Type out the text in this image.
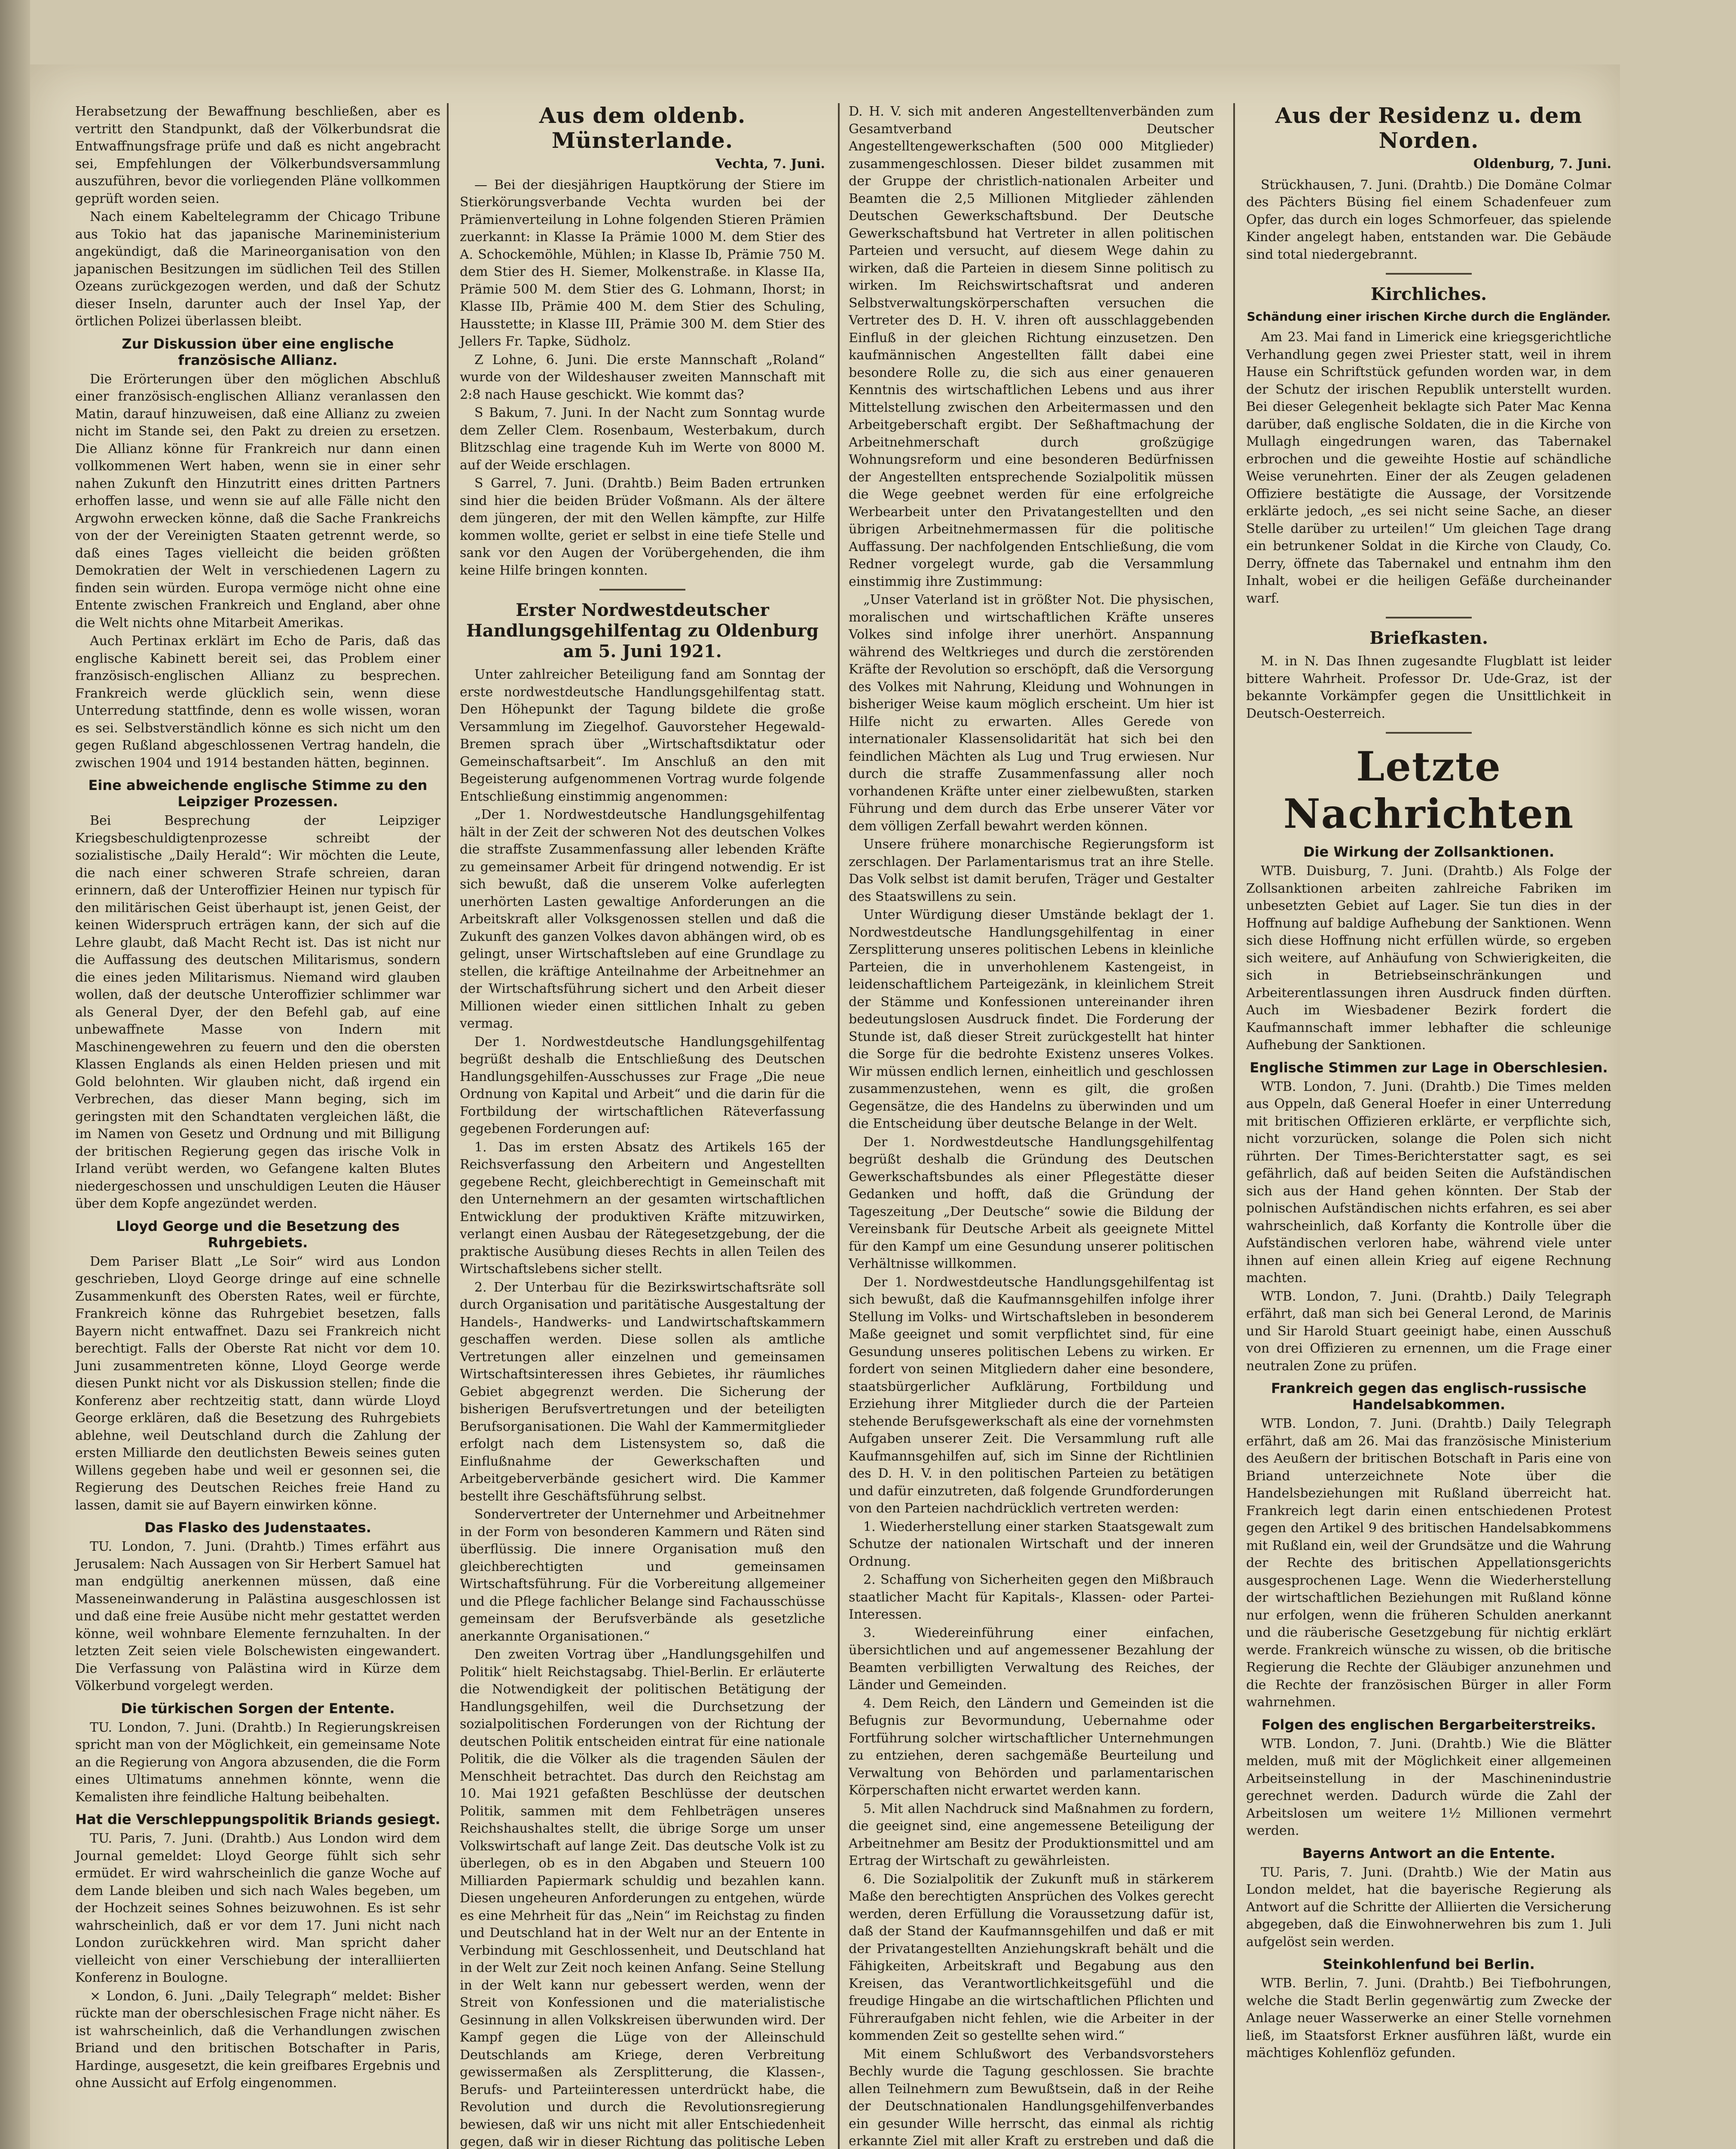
Herabsetzung der Bewaffnung beschließen, aber es vertritt den Standpunkt, daß der Völkerbundsrat die Entwaffnungsfrage prüfe und daß es nicht angebracht sei, Empfehlungen der Völkerbundsversammlung auszuführen, bevor die vorliegenden Pläne vollkommen geprüft worden seien.

Nach einem Kabeltelegramm der Chicago Tribune aus Tokio hat das japanische Marineministerium angekündigt, daß die Marineorganisation von den japanischen Besitzungen im südlichen Teil des Stillen Ozeans zurückgezogen werden, und daß der Schutz dieser Inseln, darunter auch der Insel Yap, der örtlichen Polizei überlassen bleibt.

Zur Diskussion über eine englische französische Allianz.

Die Erörterungen über den möglichen Abschluß einer französisch-englischen Allianz veranlassen den Matin, darauf hinzuweisen, daß eine Allianz zu zweien nicht im Stande sei, den Pakt zu dreien zu ersetzen. Die Allianz könne für Frankreich nur dann einen vollkommenen Wert haben, wenn sie in einer sehr nahen Zukunft den Hinzutritt eines dritten Partners erhoffen lasse, und wenn sie auf alle Fälle nicht den Argwohn erwecken könne, daß die Sache Frankreichs von der der Vereinigten Staaten getrennt werde, so daß eines Tages vielleicht die beiden größten Demokratien der Welt in verschiedenen Lagern zu finden sein würden. Europa vermöge nicht ohne eine Entente zwischen Frankreich und England, aber ohne die Welt nichts ohne Mitarbeit Amerikas.

Auch Pertinax erklärt im Echo de Paris, daß das englische Kabinett bereit sei, das Problem einer französisch-englischen Allianz zu besprechen. Frankreich werde glücklich sein, wenn diese Unterredung stattfinde, denn es wolle wissen, woran es sei. Selbstverständlich könne es sich nicht um den gegen Rußland abgeschlossenen Vertrag handeln, die zwischen 1904 und 1914 bestanden hätten, beginnen.

Eine abweichende englische Stimme zu den Leipziger Prozessen.

Bei Besprechung der Leipziger Kriegsbeschuldigtenprozesse schreibt der sozialistische „Daily Herald“: Wir möchten die Leute, die nach einer schweren Strafe schreien, daran erinnern, daß der Unteroffizier Heinen nur typisch für den militärischen Geist überhaupt ist, jenen Geist, der keinen Widerspruch erträgen kann, der sich auf die Lehre glaubt, daß Macht Recht ist. Das ist nicht nur die Auffassung des deutschen Militarismus, sondern die eines jeden Militarismus. Niemand wird glauben wollen, daß der deutsche Unteroffizier schlimmer war als General Dyer, der den Befehl gab, auf eine unbewaffnete Masse von Indern mit Maschinengewehren zu feuern und den die obersten Klassen Englands als einen Helden priesen und mit Gold belohnten. Wir glauben nicht, daß irgend ein Verbrechen, das dieser Mann beging, sich im geringsten mit den Schandtaten vergleichen läßt, die im Namen von Gesetz und Ordnung und mit Billigung der britischen Regierung gegen das irische Volk in Irland verübt werden, wo Gefangene kalten Blutes niedergeschossen und unschuldigen Leuten die Häuser über dem Kopfe angezündet werden.

Lloyd George und die Besetzung des Ruhrgebiets.

Dem Pariser Blatt „Le Soir“ wird aus London geschrieben, Lloyd George dringe auf eine schnelle Zusammenkunft des Obersten Rates, weil er fürchte, Frankreich könne das Ruhrgebiet besetzen, falls Bayern nicht entwaffnet. Dazu sei Frankreich nicht berechtigt. Falls der Oberste Rat nicht vor dem 10. Juni zusammentreten könne, Lloyd George werde diesen Punkt nicht vor als Diskussion stellen; finde die Konferenz aber rechtzeitig statt, dann würde Lloyd George erklären, daß die Besetzung des Ruhrgebiets ablehne, weil Deutschland durch die Zahlung der ersten Milliarde den deutlichsten Beweis seines guten Willens gegeben habe und weil er gesonnen sei, die Regierung des Deutschen Reiches freie Hand zu lassen, damit sie auf Bayern einwirken könne.

Das Flasko des Judenstaates.

TU. London, 7. Juni. (Drahtb.) Times erfährt aus Jerusalem: Nach Aussagen von Sir Herbert Samuel hat man endgültig anerkennen müssen, daß eine Masseneinwanderung in Palästina ausgeschlossen ist und daß eine freie Ausübe nicht mehr gestattet werden könne, weil wohnbare Elemente fernzuhalten. In der letzten Zeit seien viele Bolschewisten eingewandert. Die Verfassung von Palästina wird in Kürze dem Völkerbund vorgelegt werden.

Die türkischen Sorgen der Entente.

TU. London, 7. Juni. (Drahtb.) In Regierungskreisen spricht man von der Möglichkeit, ein gemeinsame Note an die Regierung von Angora abzusenden, die die Form eines Ultimatums annehmen könnte, wenn die Kemalisten ihre feindliche Haltung beibehalten.

Hat die Verschleppungspolitik Briands gesiegt.

TU. Paris, 7. Juni. (Drahtb.) Aus London wird dem Journal gemeldet: Lloyd George fühlt sich sehr ermüdet. Er wird wahrscheinlich die ganze Woche auf dem Lande bleiben und sich nach Wales begeben, um der Hochzeit seines Sohnes beizuwohnen. Es ist sehr wahrscheinlich, daß er vor dem 17. Juni nicht nach London zurückkehren wird. Man spricht daher vielleicht von einer Verschiebung der interalliierten Konferenz in Boulogne.

× London, 6. Juni. „Daily Telegraph“ meldet: Bisher rückte man der oberschlesischen Frage nicht näher. Es ist wahrscheinlich, daß die Verhandlungen zwischen Briand und den britischen Botschafter in Paris, Hardinge, ausgesetzt, die kein greifbares Ergebnis und ohne Aussicht auf Erfolg eingenommen.

Aus dem oldenb. Münsterlande.
Vechta, 7. Juni.

— Bei der diesjährigen Hauptkörung der Stiere im Stierkörungsverbande Vechta wurden bei der Prämienverteilung in Lohne folgenden Stieren Prämien zuerkannt: in Klasse Ia Prämie 1000 M. dem Stier des A. Schockemöhle, Mühlen; in Klasse Ib, Prämie 750 M. dem Stier des H. Siemer, Molkenstraße. in Klasse IIa, Prämie 500 M. dem Stier des G. Lohmann, Ihorst; in Klasse IIb, Prämie 400 M. dem Stier des Schuling, Hausstette; in Klasse III, Prämie 300 M. dem Stier des Jellers Fr. Tapke, Südholz.

Z Lohne, 6. Juni. Die erste Mannschaft „Roland“ wurde von der Wildeshauser zweiten Mannschaft mit 2:8 nach Hause geschickt. Wie kommt das?

S Bakum, 7. Juni. In der Nacht zum Sonntag wurde dem Zeller Clem. Rosenbaum, Westerbakum, durch Blitzschlag eine tragende Kuh im Werte von 8000 M. auf der Weide erschlagen.

S Garrel, 7. Juni. (Drahtb.) Beim Baden ertrunken sind hier die beiden Brüder Voßmann. Als der ältere dem jüngeren, der mit den Wellen kämpfte, zur Hilfe kommen wollte, geriet er selbst in eine tiefe Stelle und sank vor den Augen der Vorübergehenden, die ihm keine Hilfe bringen konnten.

Erster Nordwestdeutscher Handlungsgehilfentag zu Oldenburg am 5. Juni 1921.

Unter zahlreicher Beteiligung fand am Sonntag der erste nordwestdeutsche Handlungsgehilfentag statt. Den Höhepunkt der Tagung bildete die große Versammlung im Ziegelhof. Gauvorsteher Hegewald-Bremen sprach über „Wirtschaftsdiktatur oder Gemeinschaftsarbeit“. Im Anschluß an den mit Begeisterung aufgenommenen Vortrag wurde folgende Entschließung einstimmig angenommen:

„Der 1. Nordwestdeutsche Handlungsgehilfentag hält in der Zeit der schweren Not des deutschen Volkes die straffste Zusammenfassung aller lebenden Kräfte zu gemeinsamer Arbeit für dringend notwendig. Er ist sich bewußt, daß die unserem Volke auferlegten unerhörten Lasten gewaltige Anforderungen an die Arbeitskraft aller Volksgenossen stellen und daß die Zukunft des ganzen Volkes davon abhängen wird, ob es gelingt, unser Wirtschaftsleben auf eine Grundlage zu stellen, die kräftige Anteilnahme der Arbeitnehmer an der Wirtschaftsführung sichert und den Arbeit dieser Millionen wieder einen sittlichen Inhalt zu geben vermag.

Der 1. Nordwestdeutsche Handlungsgehilfentag begrüßt deshalb die Entschließung des Deutschen Handlungsgehilfen-Ausschusses zur Frage „Die neue Ordnung von Kapital und Arbeit“ und die darin für die Fortbildung der wirtschaftlichen Räteverfassung gegebenen Forderungen auf:

1. Das im ersten Absatz des Artikels 165 der Reichsverfassung den Arbeitern und Angestellten gegebene Recht, gleichberechtigt in Gemeinschaft mit den Unternehmern an der gesamten wirtschaftlichen Entwicklung der produktiven Kräfte mitzuwirken, verlangt einen Ausbau der Rätegesetzgebung, der die praktische Ausübung dieses Rechts in allen Teilen des Wirtschaftslebens sicher stellt.

2. Der Unterbau für die Bezirkswirtschaftsräte soll durch Organisation und paritätische Ausgestaltung der Handels-, Handwerks- und Landwirtschaftskammern geschaffen werden. Diese sollen als amtliche Vertretungen aller einzelnen und gemeinsamen Wirtschaftsinteressen ihres Gebietes, ihr räumliches Gebiet abgegrenzt werden. Die Sicherung der bisherigen Berufsvertretungen und der beteiligten Berufsorganisationen. Die Wahl der Kammermitglieder erfolgt nach dem Listensystem so, daß die Einflußnahme der Gewerkschaften und Arbeitgeberverbände gesichert wird. Die Kammer bestellt ihre Geschäftsführung selbst.

Sondervertreter der Unternehmer und Arbeitnehmer in der Form von besonderen Kammern und Räten sind überflüssig. Die innere Organisation muß den gleichberechtigten und gemeinsamen Wirtschaftsführung. Für die Vorbereitung allgemeiner und die Pflege fachlicher Belange sind Fachausschüsse gemeinsam der Berufsverbände als gesetzliche anerkannte Organisationen.“

Den zweiten Vortrag über „Handlungsgehilfen und Politik“ hielt Reichstagsabg. Thiel-Berlin. Er erläuterte die Notwendigkeit der politischen Betätigung der Handlungsgehilfen, weil die Durchsetzung der sozialpolitischen Forderungen von der Richtung der deutschen Politik entscheiden eintrat für eine nationale Politik, die die Völker als die tragenden Säulen der Menschheit betrachtet. Das durch den Reichstag am 10. Mai 1921 gefaßten Beschlüsse der deutschen Politik, sammen mit dem Fehlbeträgen unseres Reichshaushaltes stellt, die übrige Sorge um unser Volkswirtschaft auf lange Zeit. Das deutsche Volk ist zu überlegen, ob es in den Abgaben und Steuern 100 Milliarden Papiermark schuldig und bezahlen kann. Diesen ungeheuren Anforderungen zu entgehen, würde es eine Mehrheit für das „Nein“ im Reichstag zu finden und Deutschland hat in der Welt nur an der Entente in Verbindung mit Geschlossenheit, und Deutschland hat in der Welt zur Zeit noch keinen Anfang. Seine Stellung in der Welt kann nur gebessert werden, wenn der Streit von Konfessionen und die materialistische Gesinnung in allen Volkskreisen überwunden wird. Der Kampf gegen die Lüge von der Alleinschuld Deutschlands am Kriege, deren Verbreitung gewissermaßen als Zersplitterung, die Klassen-, Berufs- und Parteiinteressen unterdrückt habe, die Revolution und durch die Revolutionsregierung bewiesen, daß wir uns nicht mit aller Entschiedenheit gegen, daß wir in dieser Richtung das politische Leben

D. H. V. sich mit anderen Angestelltenverbänden zum Gesamtverband Deutscher Angestelltengewerkschaften (500 000 Mitglieder) zusammengeschlossen. Dieser bildet zusammen mit der Gruppe der christlich-nationalen Arbeiter und Beamten die 2,5 Millionen Mitglieder zählenden Deutschen Gewerkschaftsbund. Der Deutsche Gewerkschaftsbund hat Vertreter in allen politischen Parteien und versucht, auf diesem Wege dahin zu wirken, daß die Parteien in diesem Sinne politisch zu wirken. Im Reichswirtschaftsrat und anderen Selbstverwaltungskörperschaften versuchen die Vertreter des D. H. V. ihren oft ausschlaggebenden Einfluß in der gleichen Richtung einzusetzen. Den kaufmännischen Angestellten fällt dabei eine besondere Rolle zu, die sich aus einer genaueren Kenntnis des wirtschaftlichen Lebens und aus ihrer Mittelstellung zwischen den Arbeitermassen und den Arbeitgeberschaft ergibt. Der Seßhaftmachung der Arbeitnehmerschaft durch großzügige Wohnungsreform und eine besonderen Bedürfnissen der Angestellten entsprechende Sozialpolitik müssen die Wege geebnet werden für eine erfolgreiche Werbearbeit unter den Privatangestellten und den übrigen Arbeitnehmermassen für die politische Auffassung. Der nachfolgenden Entschließung, die vom Redner vorgelegt wurde, gab die Versammlung einstimmig ihre Zustimmung:

„Unser Vaterland ist in größter Not. Die physischen, moralischen und wirtschaftlichen Kräfte unseres Volkes sind infolge ihrer unerhört. Anspannung während des Weltkrieges und durch die zerstörenden Kräfte der Revolution so erschöpft, daß die Versorgung des Volkes mit Nahrung, Kleidung und Wohnungen in bisheriger Weise kaum möglich erscheint. Um hier ist Hilfe nicht zu erwarten. Alles Gerede von internationaler Klassensolidarität hat sich bei den feindlichen Mächten als Lug und Trug erwiesen. Nur durch die straffe Zusammenfassung aller noch vorhandenen Kräfte unter einer zielbewußten, starken Führung und dem durch das Erbe unserer Väter vor dem völligen Zerfall bewahrt werden können.

Unsere frühere monarchische Regierungsform ist zerschlagen. Der Parlamentarismus trat an ihre Stelle. Das Volk selbst ist damit berufen, Träger und Gestalter des Staatswillens zu sein.

Unter Würdigung dieser Umstände beklagt der 1. Nordwestdeutsche Handlungsgehilfentag in einer Zersplitterung unseres politischen Lebens in kleinliche Parteien, die in unverhohlenem Kastengeist, in leidenschaftlichem Parteigezänk, in kleinlichem Streit der Stämme und Konfessionen untereinander ihren bedeutungslosen Ausdruck findet. Die Forderung der Stunde ist, daß dieser Streit zurückgestellt hat hinter die Sorge für die bedrohte Existenz unseres Volkes. Wir müssen endlich lernen, einheitlich und geschlossen zusammenzustehen, wenn es gilt, die großen Gegensätze, die des Handelns zu überwinden und um die Entscheidung über deutsche Belange in der Welt.

Der 1. Nordwestdeutsche Handlungsgehilfentag begrüßt deshalb die Gründung des Deutschen Gewerkschaftsbundes als einer Pflegestätte dieser Gedanken und hofft, daß die Gründung der Tageszeitung „Der Deutsche“ sowie die Bildung der Vereinsbank für Deutsche Arbeit als geeignete Mittel für den Kampf um eine Gesundung unserer politischen Verhältnisse willkommen.

Der 1. Nordwestdeutsche Handlungsgehilfentag ist sich bewußt, daß die Kaufmannsgehilfen infolge ihrer Stellung im Volks- und Wirtschaftsleben in besonderem Maße geeignet und somit verpflichtet sind, für eine Gesundung unseres politischen Lebens zu wirken. Er fordert von seinen Mitgliedern daher eine besondere, staatsbürgerlicher Aufklärung, Fortbildung und Erziehung ihrer Mitglieder durch die der Parteien stehende Berufsgewerkschaft als eine der vornehmsten Aufgaben unserer Zeit. Die Versammlung ruft alle Kaufmannsgehilfen auf, sich im Sinne der Richtlinien des D. H. V. in den politischen Parteien zu betätigen und dafür einzutreten, daß folgende Grundforderungen von den Parteien nachdrücklich vertreten werden:

1. Wiederherstellung einer starken Staatsgewalt zum Schutze der nationalen Wirtschaft und der inneren Ordnung.

2. Schaffung von Sicherheiten gegen den Mißbrauch staatlicher Macht für Kapitals-, Klassen- oder Partei-Interessen.

3. Wiedereinführung einer einfachen, übersichtlichen und auf angemessener Bezahlung der Beamten verbilligten Verwaltung des Reiches, der Länder und Gemeinden.

4. Dem Reich, den Ländern und Gemeinden ist die Befugnis zur Bevormundung, Uebernahme oder Fortführung solcher wirtschaftlicher Unternehmungen zu entziehen, deren sachgemäße Beurteilung und Verwaltung von Behörden und parlamentarischen Körperschaften nicht erwartet werden kann.

5. Mit allen Nachdruck sind Maßnahmen zu fordern, die geeignet sind, eine angemessene Beteiligung der Arbeitnehmer am Besitz der Produktionsmittel und am Ertrag der Wirtschaft zu gewährleisten.

6. Die Sozialpolitik der Zukunft muß in stärkerem Maße den berechtigten Ansprüchen des Volkes gerecht werden, deren Erfüllung die Voraussetzung dafür ist, daß der Stand der Kaufmannsgehilfen und daß er mit der Privatangestellten Anziehungskraft behält und die Fähigkeiten, Arbeitskraft und Begabung aus den Kreisen, das Verantwortlichkeitsgefühl und die freudige Hingabe an die wirtschaftlichen Pflichten und Führeraufgaben nicht fehlen, wie die Arbeiter in der kommenden Zeit so gestellte sehen wird.“

Mit einem Schlußwort des Verbandsvorstehers Bechly wurde die Tagung geschlossen. Sie brachte allen Teilnehmern zum Bewußtsein, daß in der Reihe der Deutschnationalen Handlungsgehilfenverbandes ein gesunder Wille herrscht, das einmal als richtig erkannte Ziel mit aller Kraft zu erstreben und daß die

Aus der Residenz u. dem Norden.
Oldenburg, 7. Juni.

Strückhausen, 7. Juni. (Drahtb.) Die Domäne Colmar des Pächters Büsing fiel einem Schadenfeuer zum Opfer, das durch ein loges Schmorfeuer, das spielende Kinder angelegt haben, entstanden war. Die Gebäude sind total niedergebrannt.

Kirchliches.
Schändung einer irischen Kirche durch die Engländer.

Am 23. Mai fand in Limerick eine kriegsgerichtliche Verhandlung gegen zwei Priester statt, weil in ihrem Hause ein Schriftstück gefunden worden war, in dem der Schutz der irischen Republik unterstellt wurden. Bei dieser Gelegenheit beklagte sich Pater Mac Kenna darüber, daß englische Soldaten, die in die Kirche von Mullagh eingedrungen waren, das Tabernakel erbrochen und die geweihte Hostie auf schändliche Weise verunehrten. Einer der als Zeugen geladenen Offiziere bestätigte die Aussage, der Vorsitzende erklärte jedoch, „es sei nicht seine Sache, an dieser Stelle darüber zu urteilen!“ Um gleichen Tage drang ein betrunkener Soldat in die Kirche von Claudy, Co. Derry, öffnete das Tabernakel und entnahm ihm den Inhalt, wobei er die heiligen Gefäße durcheinander warf.

Briefkasten.

M. in N. Das Ihnen zugesandte Flugblatt ist leider bittere Wahrheit. Professor Dr. Ude-Graz, ist der bekannte Vorkämpfer gegen die Unsittlichkeit in Deutsch-Oesterreich.

Letzte Nachrichten
Die Wirkung der Zollsanktionen.

WTB. Duisburg, 7. Juni. (Drahtb.) Als Folge der Zollsanktionen arbeiten zahlreiche Fabriken im unbesetzten Gebiet auf Lager. Sie tun dies in der Hoffnung auf baldige Aufhebung der Sanktionen. Wenn sich diese Hoffnung nicht erfüllen würde, so ergeben sich weitere, auf Anhäufung von Schwierigkeiten, die sich in Betriebseinschränkungen und Arbeiterentlassungen ihren Ausdruck finden dürften. Auch im Wiesbadener Bezirk fordert die Kaufmannschaft immer lebhafter die schleunige Aufhebung der Sanktionen.

Englische Stimmen zur Lage in Oberschlesien.

WTB. London, 7. Juni. (Drahtb.) Die Times melden aus Oppeln, daß General Hoefer in einer Unterredung mit britischen Offizieren erklärte, er verpflichte sich, nicht vorzurücken, solange die Polen sich nicht rührten. Der Times-Berichterstatter sagt, es sei gefährlich, daß auf beiden Seiten die Aufständischen sich aus der Hand gehen könnten. Der Stab der polnischen Aufständischen nichts erfahren, es sei aber wahrscheinlich, daß Korfanty die Kontrolle über die Aufständischen verloren habe, während viele unter ihnen auf einen allein Krieg auf eigene Rechnung machten.

WTB. London, 7. Juni. (Drahtb.) Daily Telegraph erfährt, daß man sich bei General Lerond, de Marinis und Sir Harold Stuart geeinigt habe, einen Ausschuß von drei Offizieren zu ernennen, um die Frage einer neutralen Zone zu prüfen.

Frankreich gegen das englisch-russische Handelsabkommen.

WTB. London, 7. Juni. (Drahtb.) Daily Telegraph erfährt, daß am 26. Mai das französische Ministerium des Aeußern der britischen Botschaft in Paris eine von Briand unterzeichnete Note über die Handelsbeziehungen mit Rußland überreicht hat. Frankreich legt darin einen entschiedenen Protest gegen den Artikel 9 des britischen Handelsabkommens mit Rußland ein, weil der Grundsätze und die Wahrung der Rechte des britischen Appellationsgerichts ausgesprochenen Lage. Wenn die Wiederherstellung der wirtschaftlichen Beziehungen mit Rußland könne nur erfolgen, wenn die früheren Schulden anerkannt und die räuberische Gesetzgebung für nichtig erklärt werde. Frankreich wünsche zu wissen, ob die britische Regierung die Rechte der Gläubiger anzunehmen und die Rechte der französischen Bürger in aller Form wahrnehmen.

Folgen des englischen Bergarbeiterstreiks.

WTB. London, 7. Juni. (Drahtb.) Wie die Blätter melden, muß mit der Möglichkeit einer allgemeinen Arbeitseinstellung in der Maschinenindustrie gerechnet werden. Dadurch würde die Zahl der Arbeitslosen um weitere 1½ Millionen vermehrt werden.

Bayerns Antwort an die Entente.

TU. Paris, 7. Juni. (Drahtb.) Wie der Matin aus London meldet, hat die bayerische Regierung als Antwort auf die Schritte der Alliierten die Versicherung abgegeben, daß die Einwohnerwehren bis zum 1. Juli aufgelöst sein werden.

Steinkohlenfund bei Berlin.

WTB. Berlin, 7. Juni. (Drahtb.) Bei Tiefbohrungen, welche die Stadt Berlin gegenwärtig zum Zwecke der Anlage neuer Wasserwerke an einer Stelle vornehmen ließ, im Staatsforst Erkner ausführen läßt, wurde ein mächtiges Kohlenflöz gefunden.
